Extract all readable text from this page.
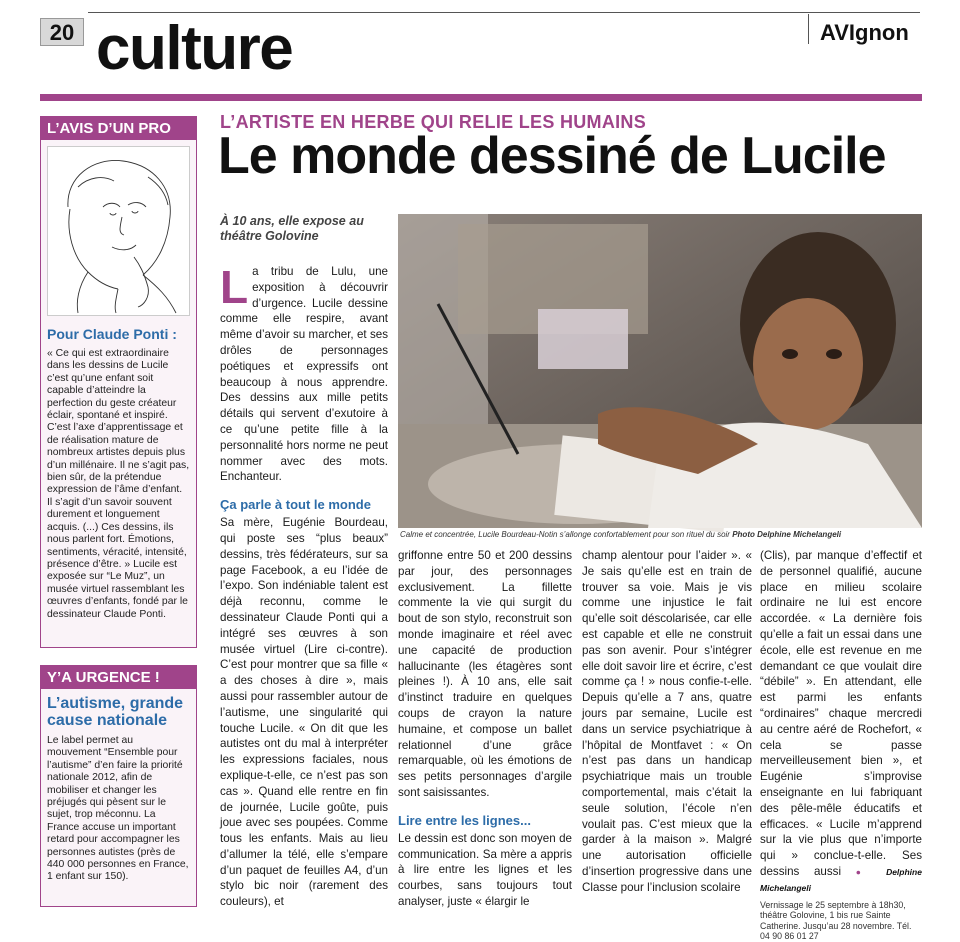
20 culture	AVIgnon
L’AVIS D’UN PRO
Pour Claude Ponti :
« Ce qui est extraordinaire dans les dessins de Lucile c’est qu’une enfant soit capable d’atteindre la perfection du geste créateur éclair, spontané et inspiré. C’est l’axe d’apprentissage et de réalisation mature de nombreux artistes depuis plus d’un millénaire. Il ne s’agit pas, bien sûr, de la prétendue expression de l’âme d’enfant. Il s’agit d’un savoir souvent durement et longuement acquis. (...) Ces dessins, ils nous parlent fort. Émotions, sentiments, véracité, intensité, présence d’être. » Lucile est exposée sur “Le Muz”, un musée virtuel rassemblant les œuvres d’enfants, fondé par le dessinateur Claude Ponti.
Y’A URGENCE !
L’autisme, grande cause nationale
Le label permet au mouvement “Ensemble pour l’autisme” d’en faire la priorité nationale 2012, afin de mobiliser et changer les préjugés qui pèsent sur le sujet, trop méconnu. La France accuse un important retard pour accompagner les personnes autistes (près de 440 000 personnes en France, 1 enfant sur 150).
L’ARTISTE EN HERBE QUI RELIE LES HUMAINS
Le monde dessiné de Lucile
À 10 ans, elle expose au théâtre Golovine
Calme et concentrée, Lucile Bourdeau-Notin s’allonge confortablement pour son rituel du soir Photo Delphine Michelangeli

La tribu de Lulu, une exposition à découvrir d’urgence. Lucile dessine comme elle respire, avant même d’avoir su marcher, et ses drôles de personnages poétiques et expressifs ont beaucoup à nous apprendre. Des dessins aux mille petits détails qui servent d’exutoire à ce qu’une petite fille à la personnalité hors norme ne peut nommer avec des mots. Enchanteur.

Ça parle à tout le monde

Sa mère, Eugénie Bourdeau, qui poste ses “plus beaux” dessins, très fédérateurs, sur sa page Facebook, a eu l’idée de l’expo. Son indéniable talent est déjà reconnu, comme le dessinateur Claude Ponti qui a intégré ses œuvres à son musée virtuel (Lire ci-contre). C’est pour montrer que sa fille « a des choses à dire », mais aussi pour rassembler autour de l’autisme, une singularité qui touche Lucile. « On dit que les autistes ont du mal à interpréter les expressions faciales, nous explique-t-elle, ce n’est pas son cas ». Quand elle rentre en fin de journée, Lucile goûte, puis joue avec ses poupées. Comme tous les enfants. Mais au lieu d’allumer la télé, elle s’empare d’un paquet de feuilles A4, d’un stylo bic noir (rarement des couleurs), et

griffonne entre 50 et 200 dessins par jour, des personnages exclusivement. La fillette commente la vie qui surgit du bout de son stylo, reconstruit son monde imaginaire et réel avec une capacité de production hallucinante (les étagères sont pleines !). À 10 ans, elle sait d’instinct traduire en quelques coups de crayon la nature humaine, et compose un ballet relationnel d’une grâce remarquable, où les émotions de ses petits personnages d’argile sont saisissantes.

Lire entre les lignes...

Le dessin est donc son moyen de communication. Sa mère a appris à lire entre les lignes et les courbes, sans toujours tout analyser, juste « élargir le

champ alentour pour l’aider ». « Je sais qu’elle est en train de trouver sa voie. Mais je vis comme une injustice le fait qu’elle soit déscolarisée, car elle est capable et elle ne construit pas son avenir. Pour s’intégrer elle doit savoir lire et écrire, c’est comme ça ! » nous confie-t-elle. Depuis qu’elle a 7 ans, quatre jours par semaine, Lucile est dans un service psychiatrique à l’hôpital de Montfavet : « On n’est pas dans un handicap psychiatrique mais un trouble comportemental, mais c’était la seule solution, l’école n’en voulait pas. C’est mieux que la garder à la maison ». Malgré une autorisation officielle d’insertion progressive dans une Classe pour l’inclusion scolaire

(Clis), par manque d’effectif et de personnel qualifié, aucune place en milieu scolaire ordinaire ne lui est encore accordée. « La dernière fois qu’elle a fait un essai dans une école, elle est revenue en me demandant ce que voulait dire “débile” ». En attendant, elle est parmi les enfants “ordinaires” chaque mercredi au centre aéré de Rochefort, « cela se passe merveilleusement bien », et Eugénie s’improvise enseignante en lui fabriquant des pêle-mêle éducatifs et efficaces. « Lucile m’apprend sur la vie plus que n’importe qui » conclue-t-elle. Ses dessins aussi ● Delphine Michelangeli

Vernissage le 25 septembre à 18h30, théâtre Golovine, 1 bis rue Sainte Catherine. Jusqu’au 28 novembre. Tél. 04 90 86 01 27
